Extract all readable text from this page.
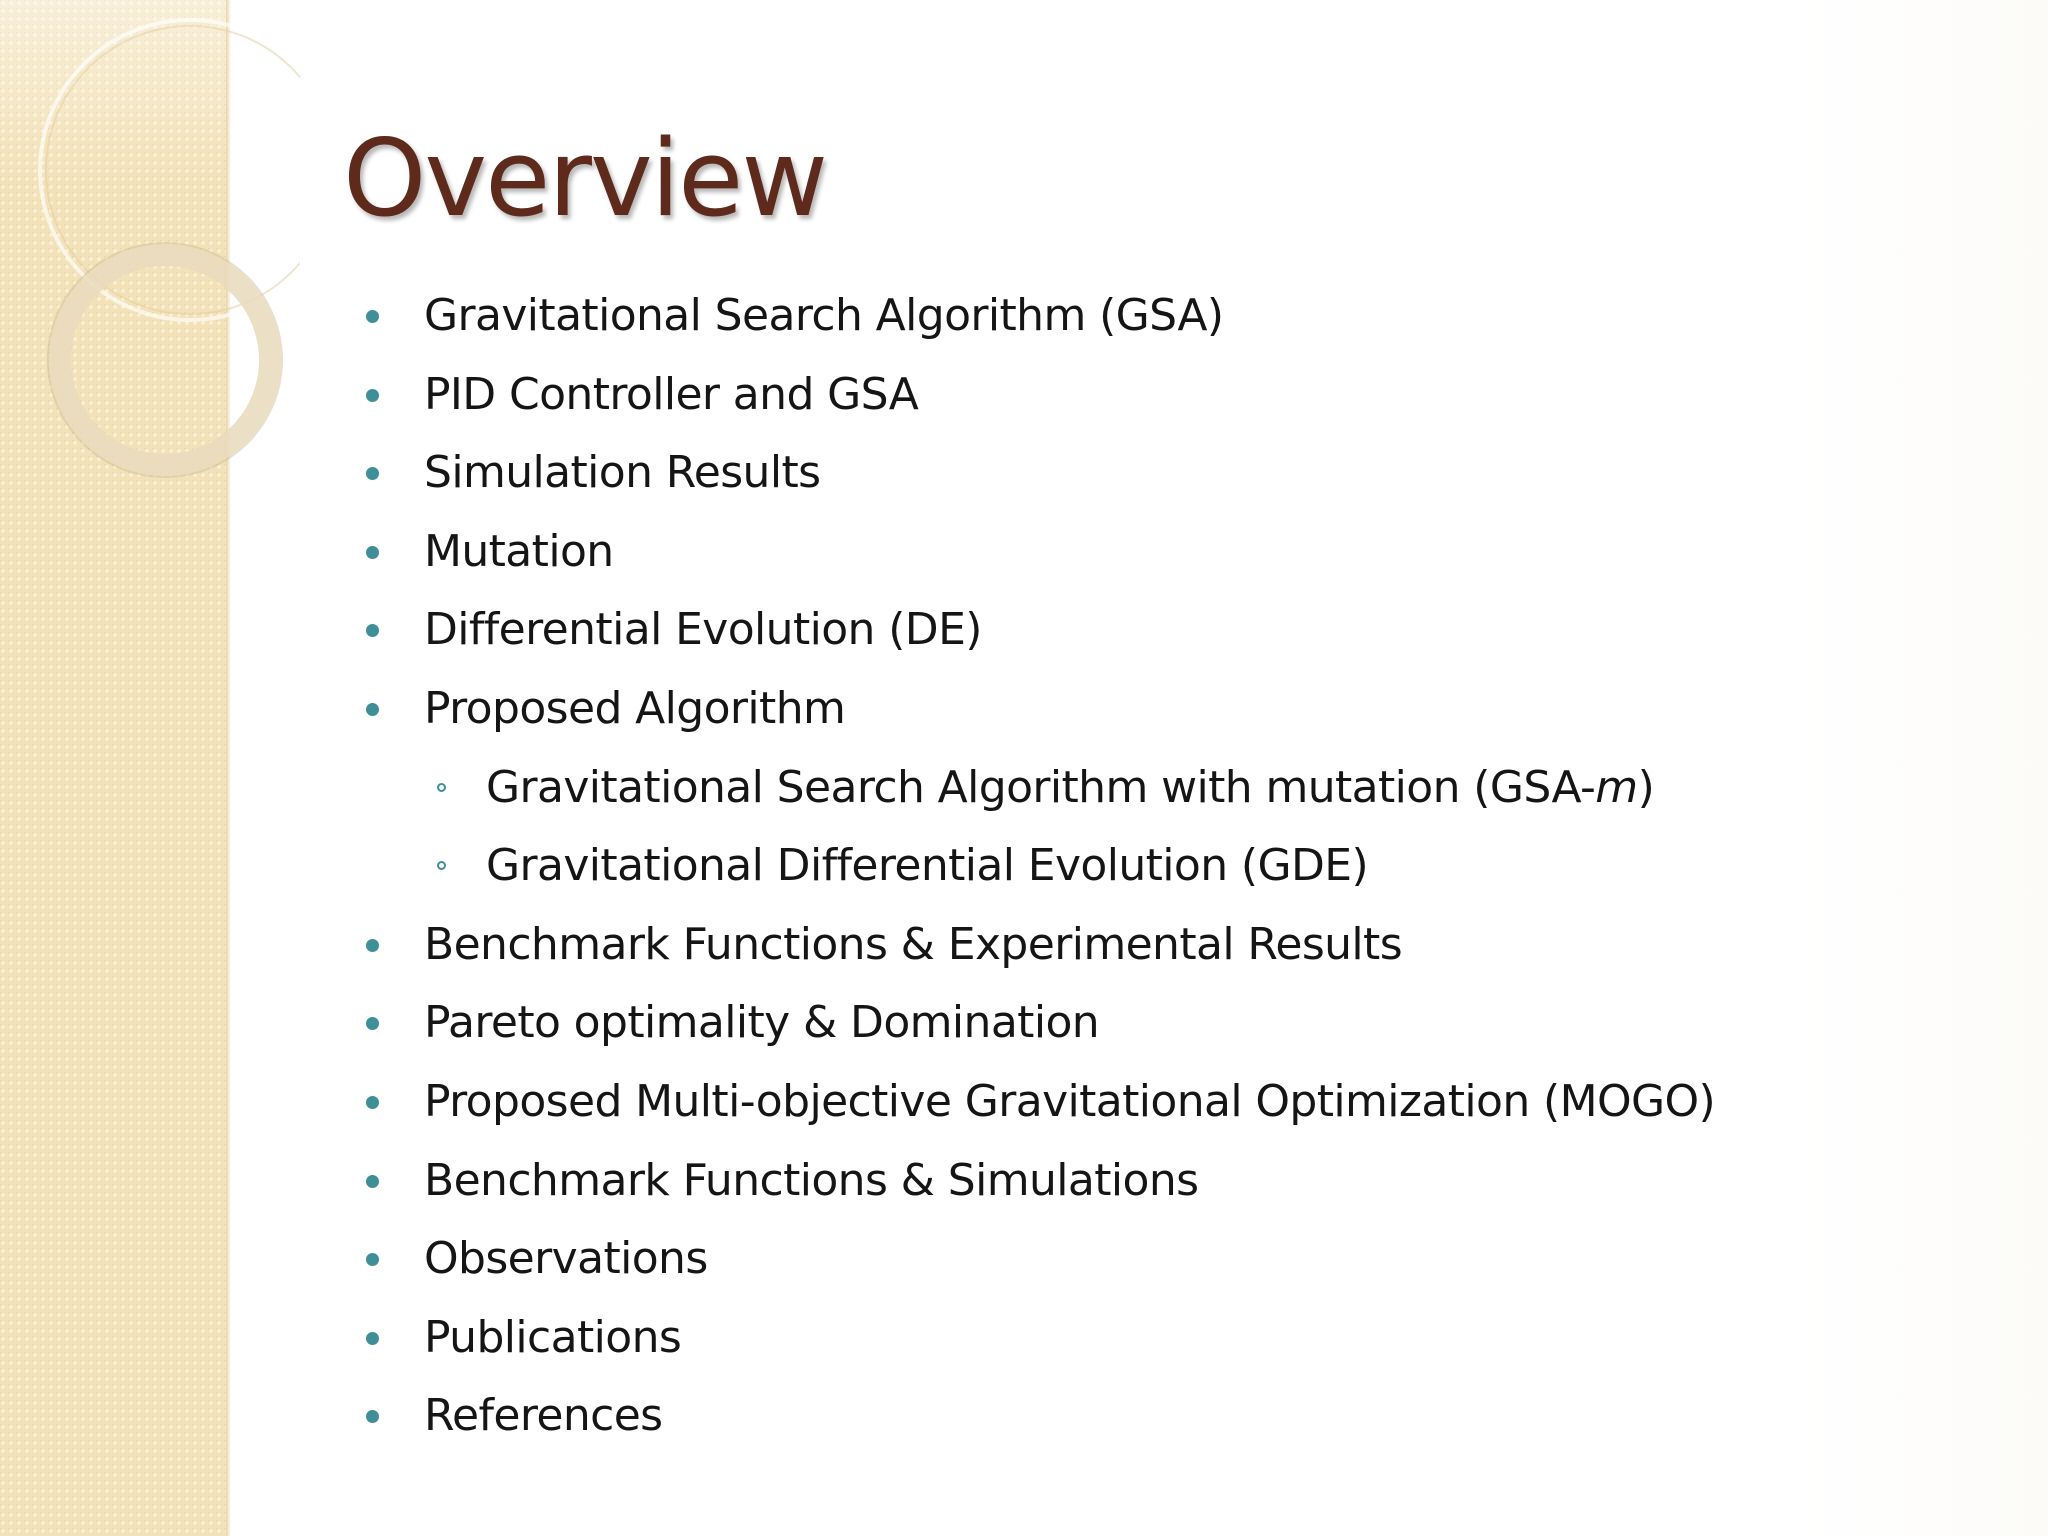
Overview
Gravitational Search Algorithm (GSA)
PID Controller and GSA
Simulation Results
Mutation
Differential Evolution (DE)
Proposed Algorithm
Gravitational Search Algorithm with mutation (GSA-m)
Gravitational Differential Evolution (GDE)
Benchmark Functions & Experimental Results
Pareto optimality & Domination
Proposed Multi-objective Gravitational Optimization (MOGO)
Benchmark Functions & Simulations
Observations
Publications
References
